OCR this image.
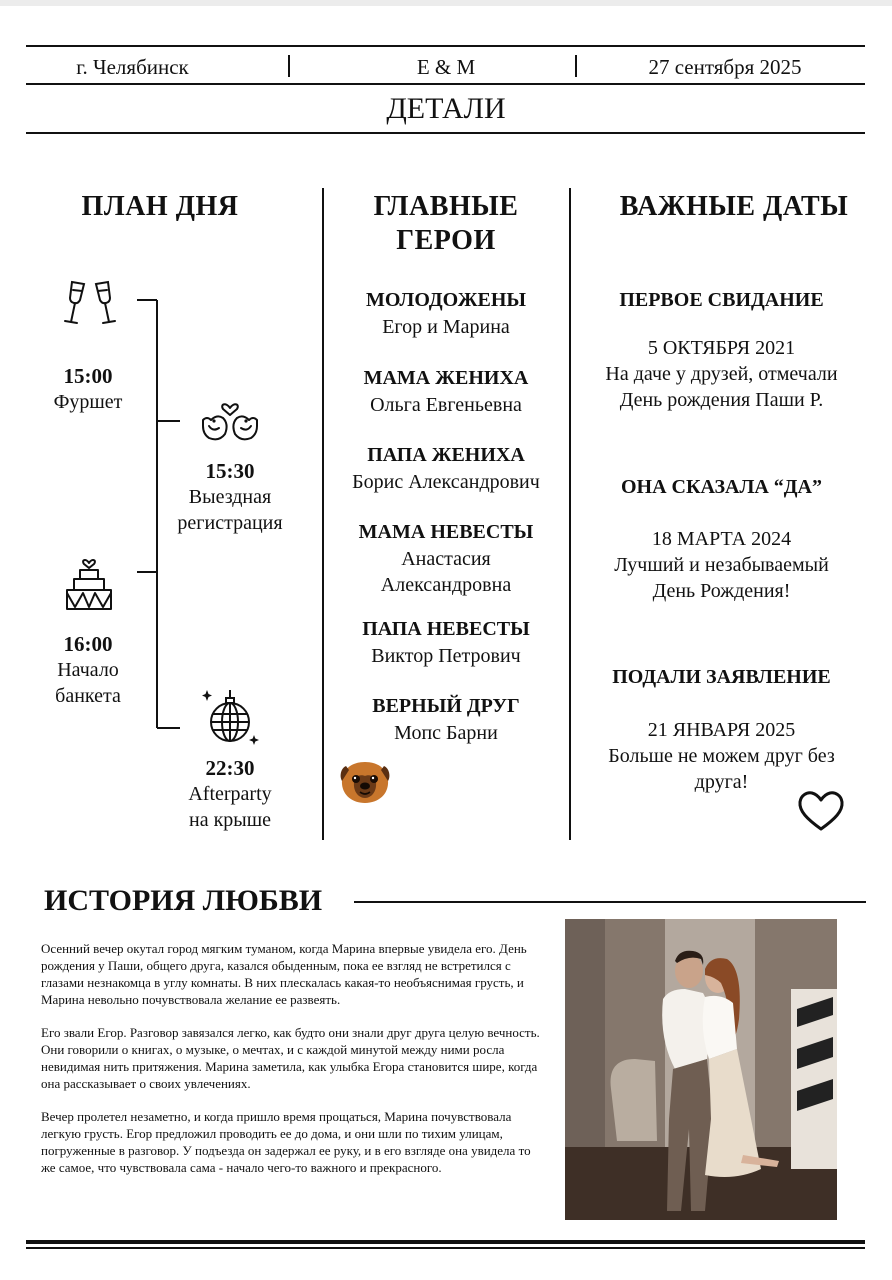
г. Челябинск	E & M	27 сентября 2025
ДЕТАЛИ
ПЛАН ДНЯ
15:00
Фуршет
15:30
Выездная
регистрация
16:00
Начало
банкета
22:30
Afterparty
на крыше
ГЛАВНЫЕ
ГЕРОИ
МОЛОДОЖЕНЫ
Егор и Марина
МАМА ЖЕНИХА
Ольга Евгеньевна
ПАПА ЖЕНИХА
Борис Александрович
МАМА НЕВЕСТЫ
Анастасия
Александровна
ПАПА НЕВЕСТЫ
Виктор Петрович
ВЕРНЫЙ ДРУГ
Мопс Барни
ВАЖНЫЕ ДАТЫ
ПЕРВОЕ СВИДАНИЕ
5 ОКТЯБРЯ 2021
На даче у друзей, отмечали
День рождения Паши Р.
ОНА СКАЗАЛА “ДА”
18 МАРТА 2024
Лучший и незабываемый
День Рождения!
ПОДАЛИ ЗАЯВЛЕНИЕ
21 ЯНВАРЯ 2025
Больше не можем друг без
друга!
ИСТОРИЯ ЛЮБВИ

Осенний вечер окутал город мягким туманом, когда Марина впервые увидела его. День рождения у Паши, общего друга, казался обыденным, пока ее взгляд не встретился с глазами незнакомца в углу комнаты. В них плескалась какая-то необъяснимая грусть, и Марина невольно почувствовала желание ее развеять.

Его звали Егор. Разговор завязался легко, как будто они знали друг друга целую вечность. Они говорили о книгах, о музыке, о мечтах, и с каждой минутой между ними росла невидимая нить притяжения. Марина заметила, как улыбка Егора становится шире, когда она рассказывает о своих увлечениях.

Вечер пролетел незаметно, и когда пришло время прощаться, Марина почувствовала легкую грусть. Егор предложил проводить ее до дома, и они шли по тихим улицам, погруженные в разговор. У подъезда он задержал ее руку, и в его взгляде она увидела то же самое, что чувствовала сама - начало чего-то важного и прекрасного.
